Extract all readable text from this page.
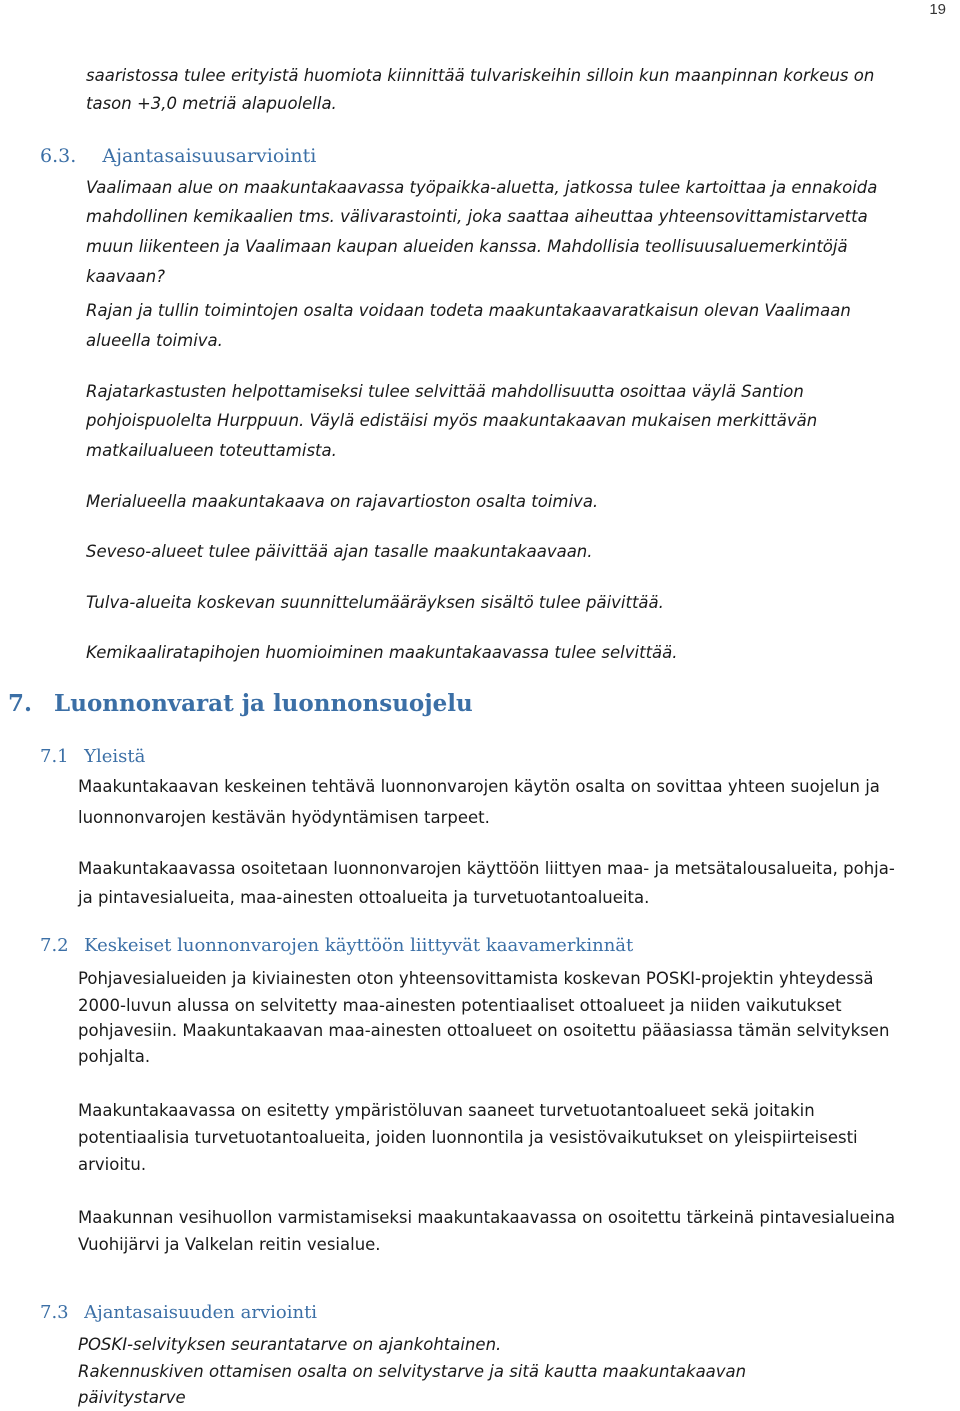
19

saaristossa tulee erityistä huomiota kiinnittää tulvariskeihin silloin kun maanpinnan korkeus on

tason +3,0 metriä alapuolella.

6.3. Ajantasaisuusarviointi

Vaalimaan alue on maakuntakaavassa työpaikka-aluetta, jatkossa tulee kartoittaa ja ennakoida

mahdollinen kemikaalien tms. välivarastointi, joka saattaa aiheuttaa yhteensovittamistarvetta

muun liikenteen ja Vaalimaan kaupan alueiden kanssa. Mahdollisia teollisuusaluemerkintöjä

kaavaan?

Rajan ja tullin toimintojen osalta voidaan todeta maakuntakaavaratkaisun olevan Vaalimaan

alueella toimiva.

Rajatarkastusten helpottamiseksi tulee selvittää mahdollisuutta osoittaa väylä Santion

pohjoispuolelta Hurppuun. Väylä edistäisi myös maakuntakaavan mukaisen merkittävän

matkailualueen toteuttamista.

Merialueella maakuntakaava on rajavartioston osalta toimiva.

Seveso-alueet tulee päivittää ajan tasalle maakuntakaavaan.

Tulva-alueita koskevan suunnittelumääräyksen sisältö tulee päivittää.

Kemikaaliratapihojen huomioiminen maakuntakaavassa tulee selvittää.

7. Luonnonvarat ja luonnonsuojelu
7.1 Yleistä

Maakuntakaavan keskeinen tehtävä luonnonvarojen käytön osalta on sovittaa yhteen suojelun ja

luonnonvarojen kestävän hyödyntämisen tarpeet.

Maakuntakaavassa osoitetaan luonnonvarojen käyttöön liittyen maa- ja metsätalousalueita, pohja-

ja pintavesialueita, maa-ainesten ottoalueita ja turvetuotantoalueita.

7.2 Keskeiset luonnonvarojen käyttöön liittyvät kaavamerkinnät

Pohjavesialueiden ja kiviainesten oton yhteensovittamista koskevan POSKI-projektin yhteydessä

2000-luvun alussa on selvitetty maa-ainesten potentiaaliset ottoalueet ja niiden vaikutukset

pohjavesiin. Maakuntakaavan maa-ainesten ottoalueet on osoitettu pääasiassa tämän selvityksen

pohjalta.

Maakuntakaavassa on esitetty ympäristöluvan saaneet turvetuotantoalueet sekä joitakin

potentiaalisia turvetuotantoalueita, joiden luonnontila ja vesistövaikutukset on yleispiirteisesti

arvioitu.

Maakunnan vesihuollon varmistamiseksi maakuntakaavassa on osoitettu tärkeinä pintavesialueina

Vuohijärvi ja Valkelan reitin vesialue.

7.3 Ajantasaisuuden arviointi

POSKI-selvityksen seurantatarve on ajankohtainen.

Rakennuskiven ottamisen osalta on selvitystarve ja sitä kautta maakuntakaavan

päivitystarve
